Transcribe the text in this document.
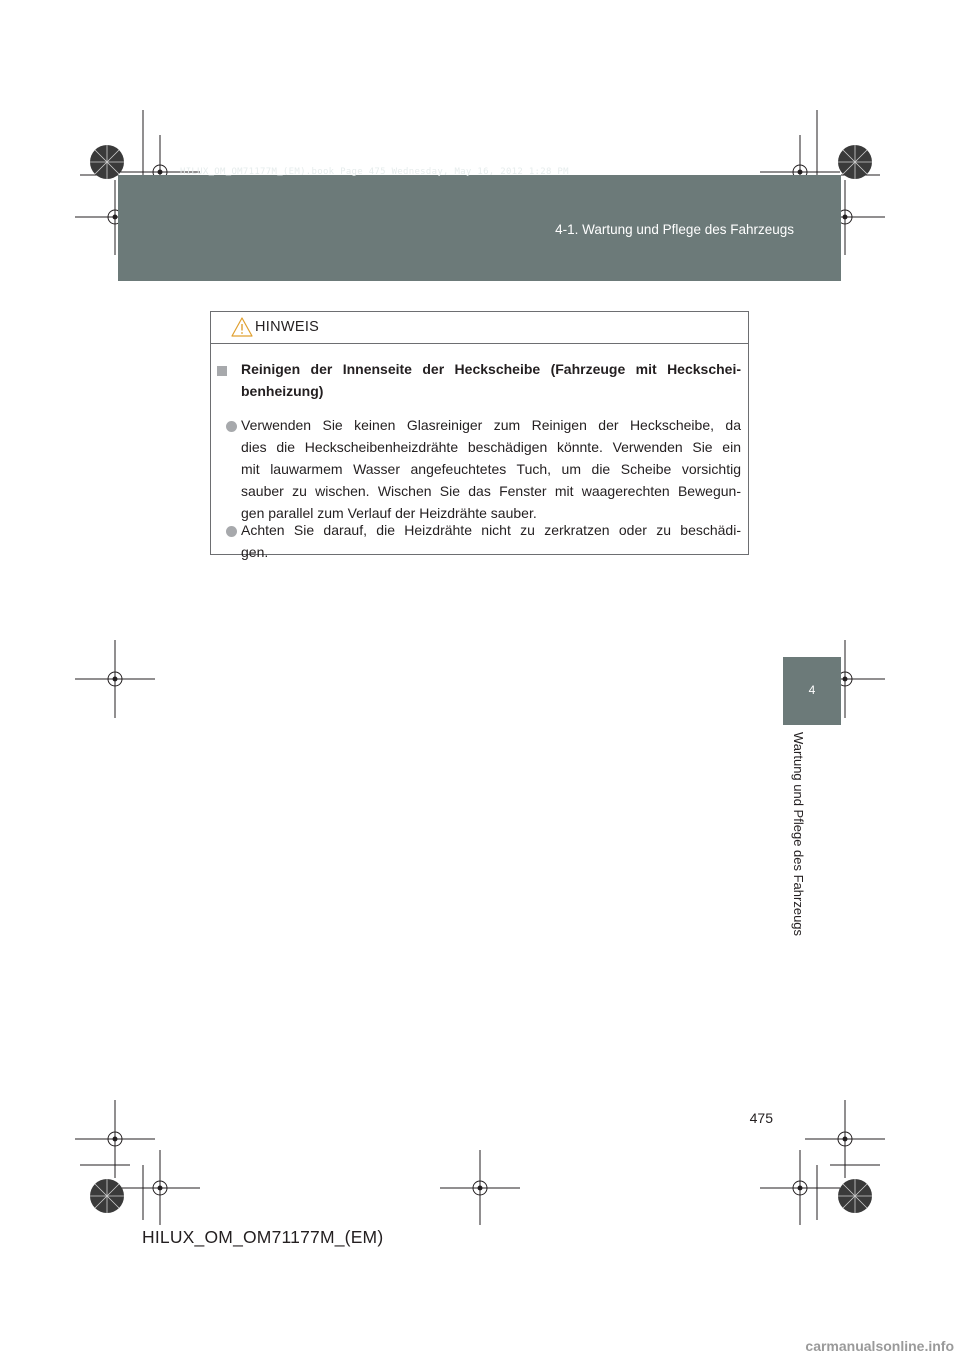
HILUX_OM_OM71177M_(EM).book Page 475 Wednesday, May 16, 2012 1:28 PM
4-1. Wartung und Pflege des Fahrzeugs
4
Wartung und Pflege des Fahrzeugs
HINWEIS
Reinigen der Innenseite der Heckscheibe (Fahrzeuge mit Heckschei-
benheizung)
Verwenden Sie keinen Glasreiniger zum Reinigen der Heckscheibe, da
dies die Heckscheibenheizdrähte beschädigen könnte. Verwenden Sie ein
mit lauwarmem Wasser angefeuchtetes Tuch, um die Scheibe vorsichtig
sauber zu wischen. Wischen Sie das Fenster mit waagerechten Bewegun-
gen parallel zum Verlauf der Heizdrähte sauber.
Achten Sie darauf, die Heizdrähte nicht zu zerkratzen oder zu beschädi-
gen.
475
HILUX_OM_OM71177M_(EM)
carmanualsonline.info
